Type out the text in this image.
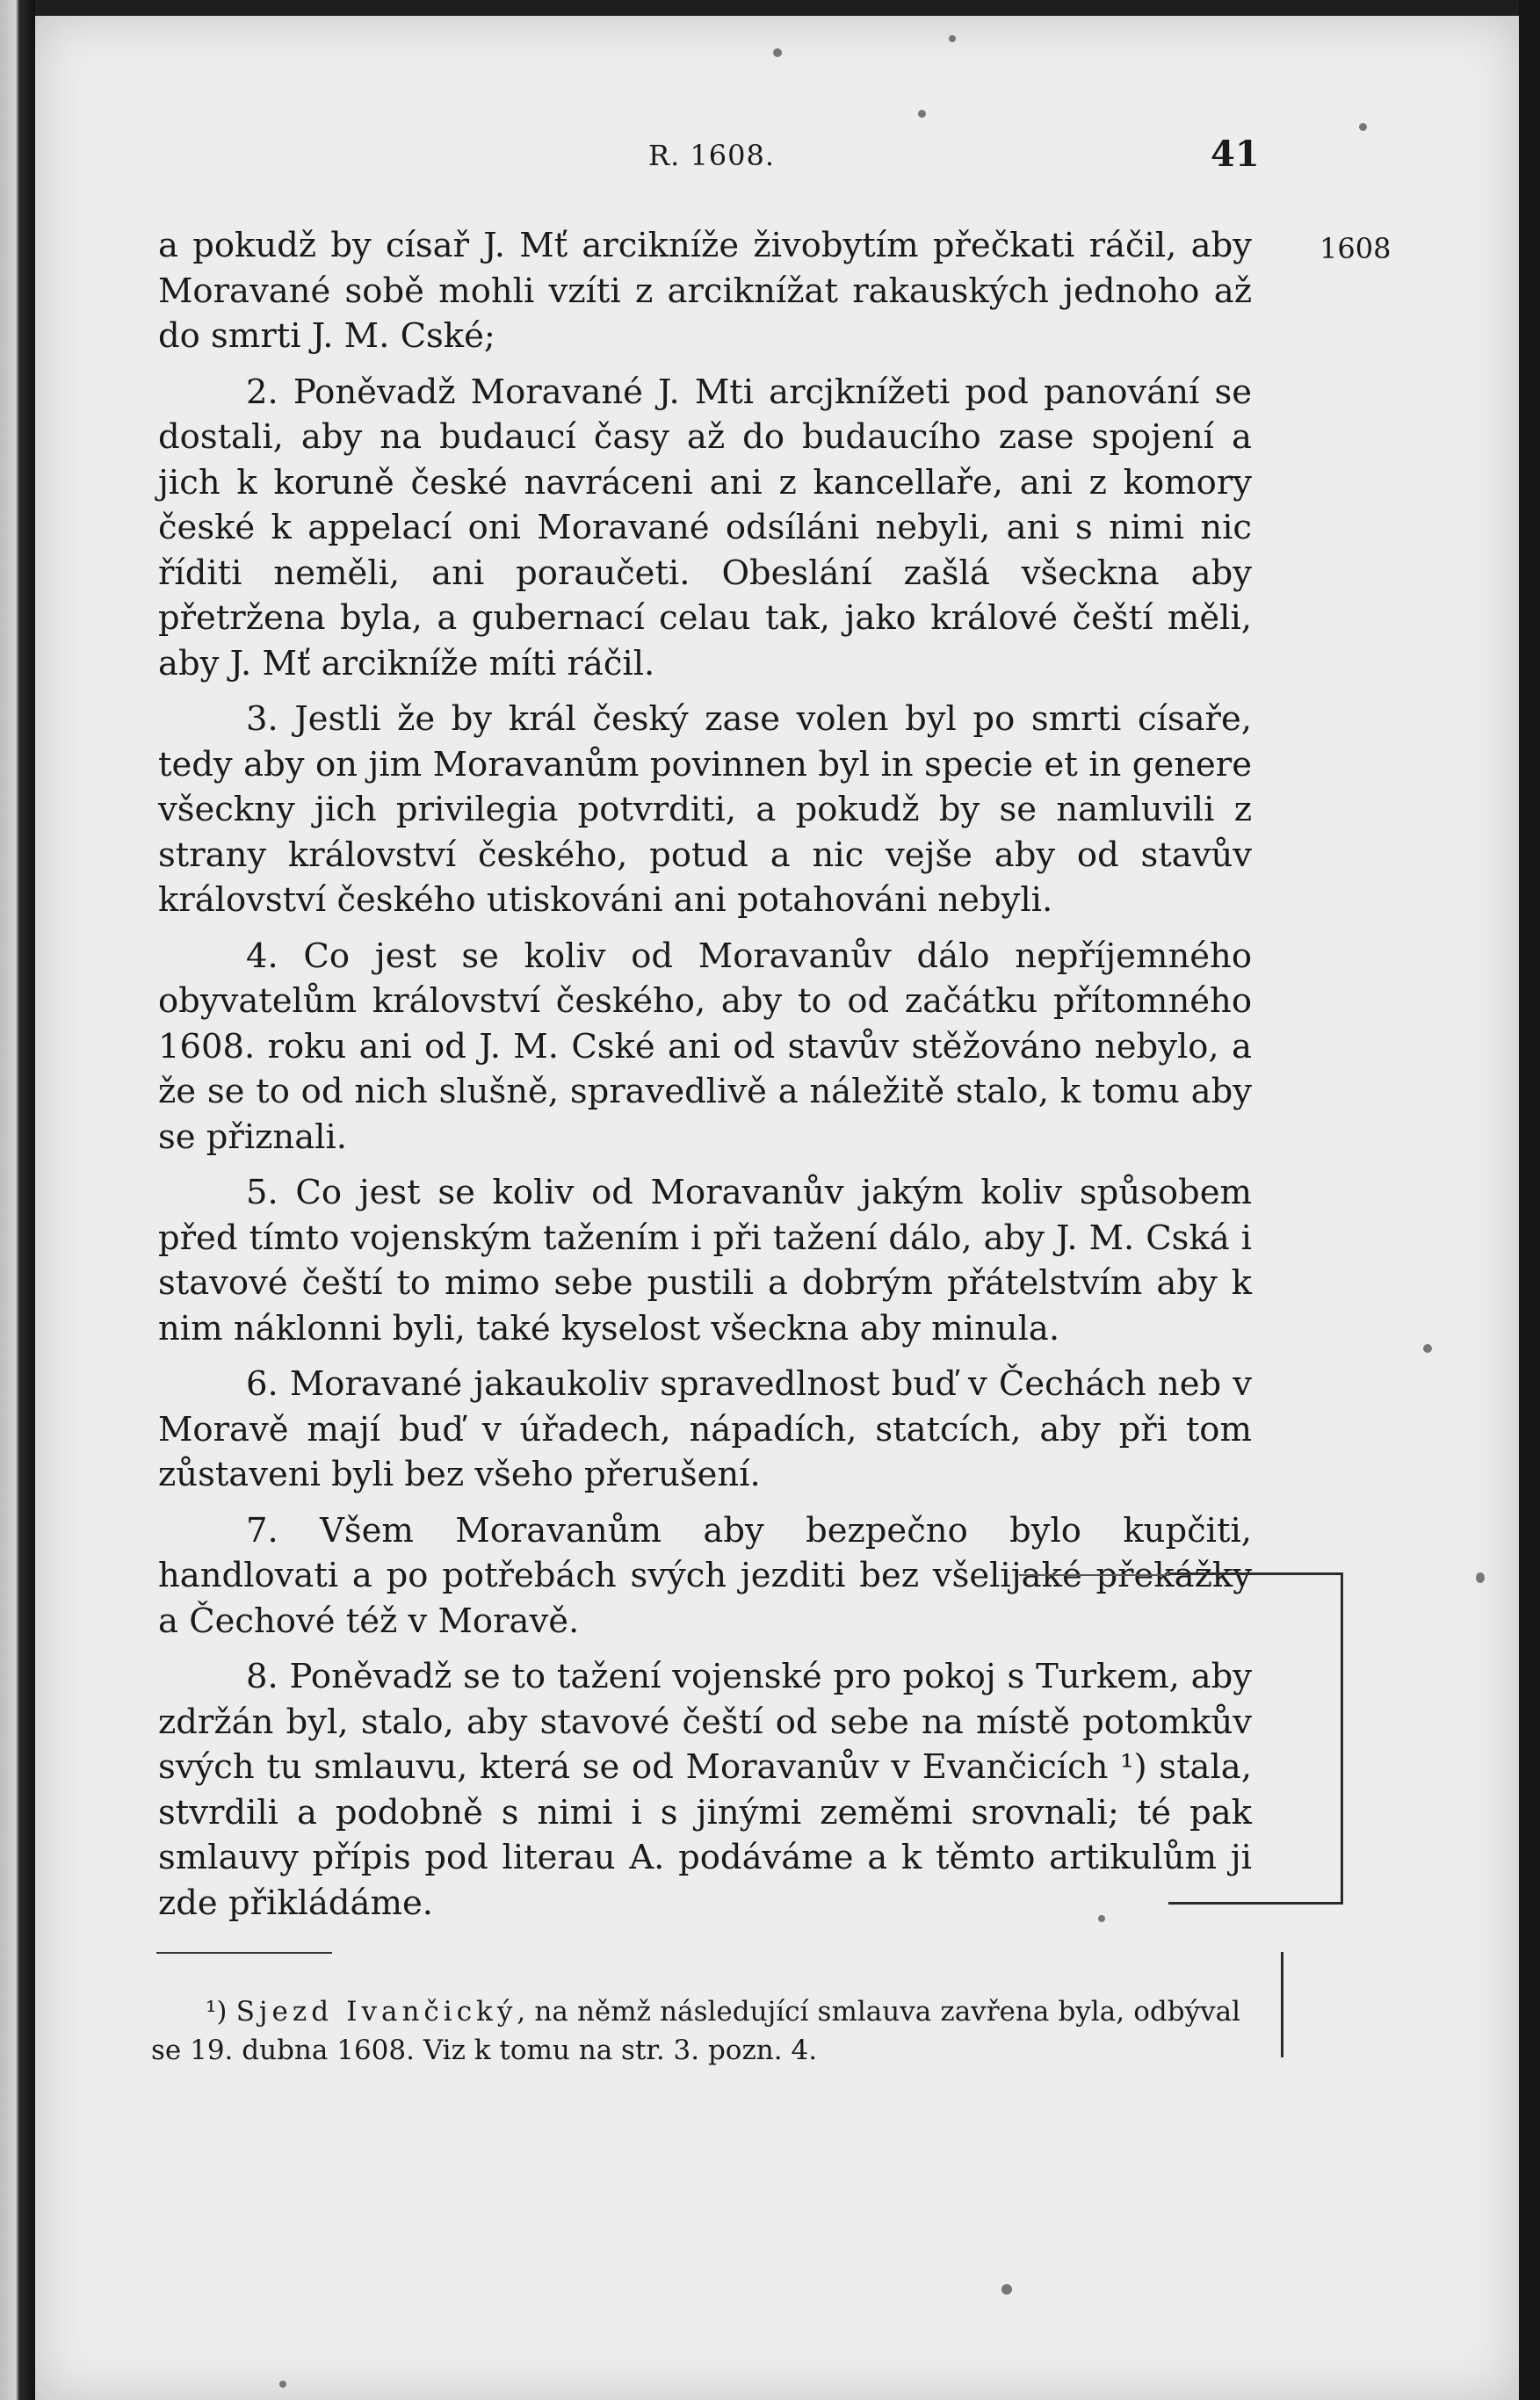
R. 1608.	41
1608

a pokudž by císař J. Mť arcikníže živobytím přečkati ráčil, aby Moravané sobě mohli vzíti z arciknížat rakauských jednoho až do smrti J. M. Cské;

2. Poněvadž Moravané J. Mti arcjknížeti pod panování se dostali, aby na budaucí časy až do budaucího zase spojení a jich k koruně české navráceni ani z kancellaře, ani z komory české k appelací oni Moravané odsíláni nebyli, ani s nimi nic říditi neměli, ani poraučeti. Obeslání zašlá všeckna aby přetržena byla, a gubernací celau tak, jako králové čeští měli, aby J. Mť arcikníže míti ráčil.

3. Jestli že by král český zase volen byl po smrti císaře, tedy aby on jim Moravanům povinnen byl in specie et in genere všeckny jich privilegia potvrditi, a pokudž by se namluvili z strany království českého, potud a nic vejše aby od stavův království českého utiskováni ani potahováni nebyli.

4. Co jest se koliv od Moravanův dálo nepříjemného obyvatelům království českého, aby to od začátku přítomného 1608. roku ani od J. M. Cské ani od stavův stěžováno nebylo, a že se to od nich slušně, spravedlivě a náležitě stalo, k tomu aby se přiznali.

5. Co jest se koliv od Moravanův jakým koliv spůsobem před tímto vojenským tažením i při tažení dálo, aby J. M. Cská i stavové čeští to mimo sebe pustili a dobrým přátelstvím aby k nim náklonni byli, také kyselost všeckna aby minula.

6. Moravané jakaukoliv spravedlnost buď v Čechách neb v Moravě mají buď v úřadech, nápadích, statcích, aby při tom zůstaveni byli bez všeho přerušení.

7. Všem Moravanům aby bezpečno bylo kupčiti, handlovati a po potřebách svých jezditi bez všelijaké překážky a Čechové též v Moravě.

8. Poněvadž se to tažení vojenské pro pokoj s Turkem, aby zdržán byl, stalo, aby stavové čeští od sebe na místě potomkův svých tu smlauvu, která se od Moravanův v Evančicích ¹) stala, stvrdili a podobně s nimi i s jinými zeměmi srovnali; té pak smlauvy přípis pod literau A. podáváme a k těmto artikulům ji zde přikládáme.

¹) Sjezd Ivančický, na němž následující smlauva zavřena byla, odbýval se 19. dubna 1608. Viz k tomu na str. 3. pozn. 4.
